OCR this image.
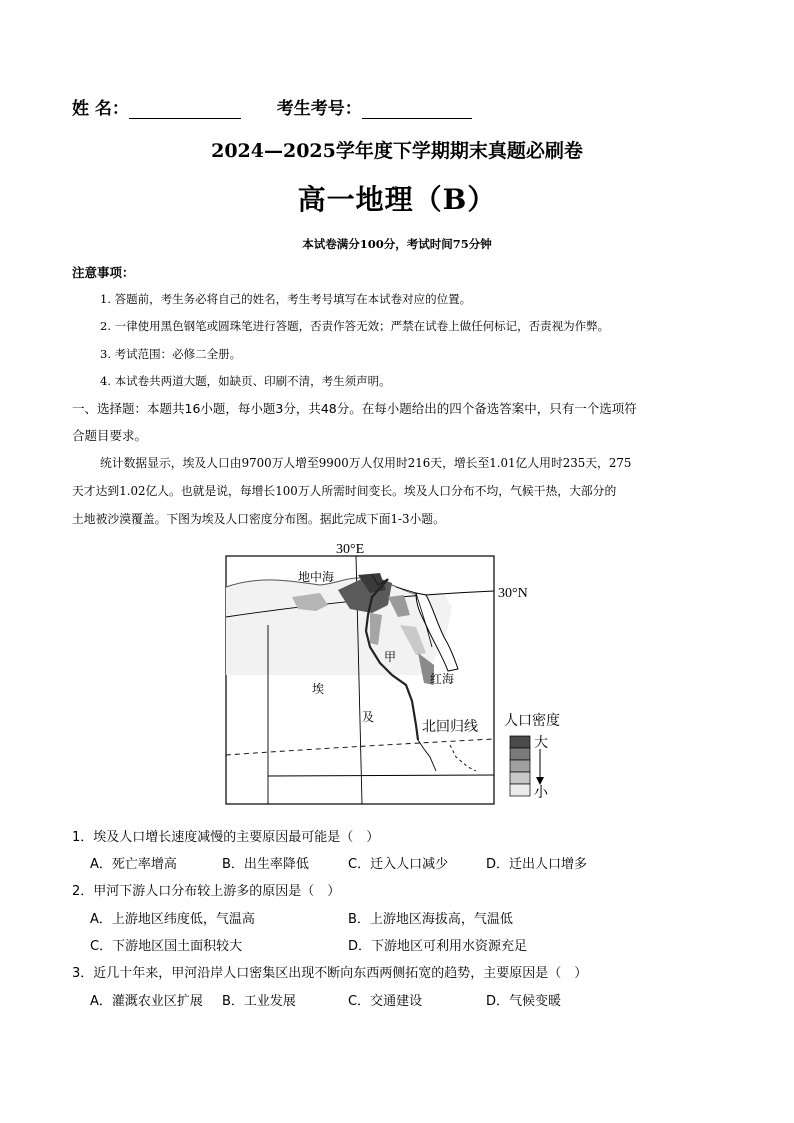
姓 名：	考生考号：
2024—2025学年度下学期期末真题必刷卷
高一地理（B）
本试卷满分100分，考试时间75分钟
注意事项：
1. 答题前，考生务必将自己的姓名，考生考号填写在本试卷对应的位置。
2. 一律使用黑色钢笔或圆珠笔进行答题，否责作答无效；严禁在试卷上做任何标记，否责视为作弊。
3. 考试范围：必修二全册。
4. 本试卷共两道大题，如缺页、印刷不清，考生须声明。
一、选择题：本题共16小题，每小题3分，共48分。在每小题给出的四个备选答案中，只有一个选项符
合题目要求。
统计数据显示，埃及人口由9700万人增至9900万人仅用时216天，增长至1.01亿人用时235天，275
天才达到1.02亿人。也就是说，每增长100万人所需时间变长。埃及人口分布不均，气候干热，大部分的
土地被沙漠覆盖。下图为埃及人口密度分布图。据此完成下面1-3小题。
30°E
30°N
地中海
红海
甲
埃
及
北回归线 人口密度
大
小
1．埃及人口增长速度减慢的主要原因最可能是（　）
A．死亡率增高	B．出生率降低	C．迁入人口减少	D．迁出人口增多
2．甲河下游人口分布较上游多的原因是（　）
A．上游地区纬度低，气温高	B．上游地区海拔高，气温低
C．下游地区国土面积较大	D．下游地区可利用水资源充足
3．近几十年来，甲河沿岸人口密集区出现不断向东西两侧拓宽的趋势，主要原因是（　）
A．灌溉农业区扩展 B．工业发展	C．交通建设	D．气候变暖
